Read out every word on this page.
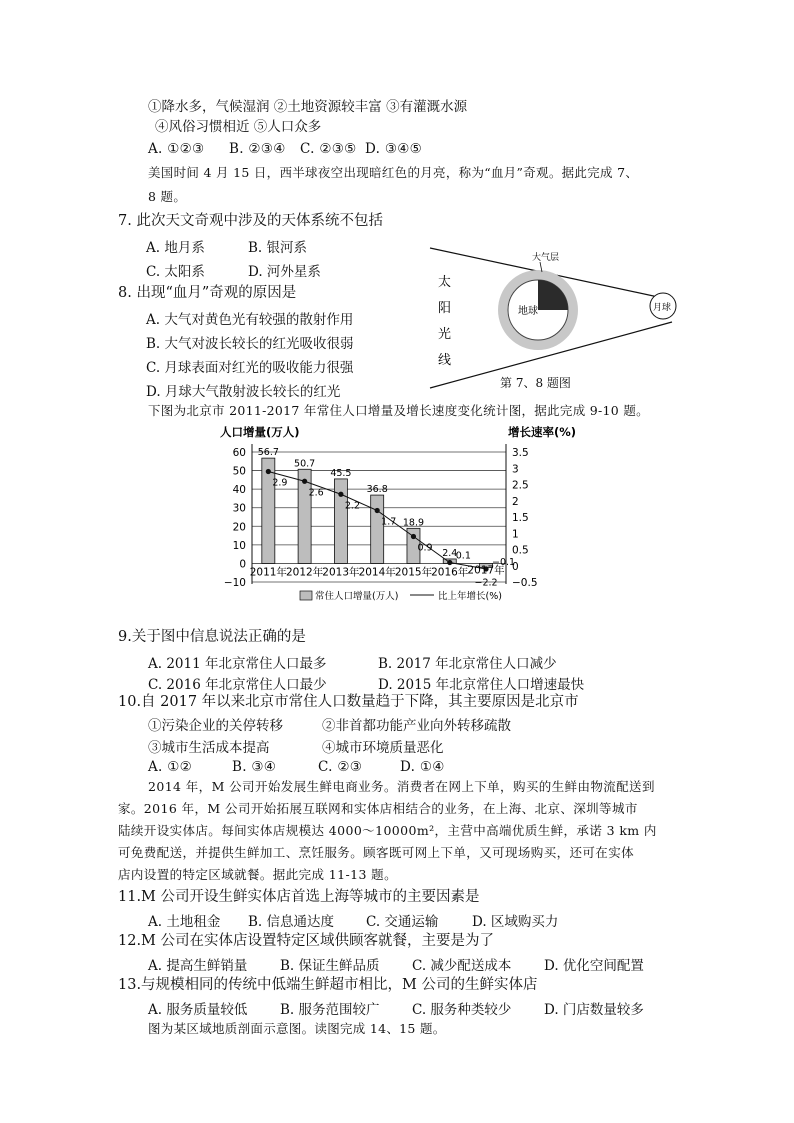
①降水多，气候湿润 ②土地资源较丰富 ③有灌溉水源
④风俗习惯相近 ⑤人口众多
A. ①②③ B. ②③④ C. ②③⑤ D. ③④⑤
美国时间 4 月 15 日，西半球夜空出现暗红色的月亮，称为“血月”奇观。据此完成 7、
8 题。
7. 此次天文奇观中涉及的天体系统不包括
A. 地月系	B. 银河系
C. 太阳系	D. 河外星系
8. 出现“血月”奇观的原因是
A. 大气对黄色光有较强的散射作用
B. 大气对波长较长的红光吸收很弱
C. 月球表面对红光的吸收能力很强
D. 月球大气散射波长较长的红光
太
阳
光
线
地球
大气层
月球
第 7、8 题图
下图为北京市 2011-2017 年常住人口增量及增长速度变化统计图，据此完成 9-10 题。
人口增量(万人)	增长速率(%)
56.7
2011年
50.7
2012年
45.5
2013年
36.8
2014年
18.9
2015年
2.4
2016年
−2.2
2017年
2.9
2.6
2.2
1.7
0.9
0.1
−0.1
60
50
40
30
20
10
0
−10
3.5
3
2.5
2
1.5
1
0.5
0
−0.5
常住人口增量(万人)	比上年增长(%)
9.关于图中信息说法正确的是
A. 2011 年北京常住人口最多	B. 2017 年北京常住人口减少
C. 2016 年北京常住人口最少	D. 2015 年北京常住人口增速最快
10.自 2017 年以来北京市常住人口数量趋于下降，其主要原因是北京市
①污染企业的关停转移	②非首都功能产业向外转移疏散
③城市生活成本提高	④城市环境质量恶化
A. ①②	B. ③④	C. ②③	D. ①④
2014 年，M 公司开始发展生鲜电商业务。消费者在网上下单，购买的生鲜由物流配送到
家。2016 年，M 公司开始拓展互联网和实体店相结合的业务，在上海、北京、深圳等城市
陆续开设实体店。每间实体店规模达 4000～10000m²，主营中高端优质生鲜，承诺 3 km 内
可免费配送，并提供生鲜加工、烹饪服务。顾客既可网上下单，又可现场购买，还可在实体
店内设置的特定区域就餐。据此完成 11-13 题。
11.M 公司开设生鲜实体店首选上海等城市的主要因素是
A. 土地租金 B. 信息通达度 C. 交通运输 D. 区域购买力
12.M 公司在实体店设置特定区域供顾客就餐，主要是为了
A. 提高生鲜销量 B. 保证生鲜品质 C. 减少配送成本 D. 优化空间配置
13.与规模相同的传统中低端生鲜超市相比，M 公司的生鲜实体店
A. 服务质量较低 B. 服务范围较广 C. 服务种类较少 D. 门店数量较多
图为某区域地质剖面示意图。读图完成 14、15 题。
